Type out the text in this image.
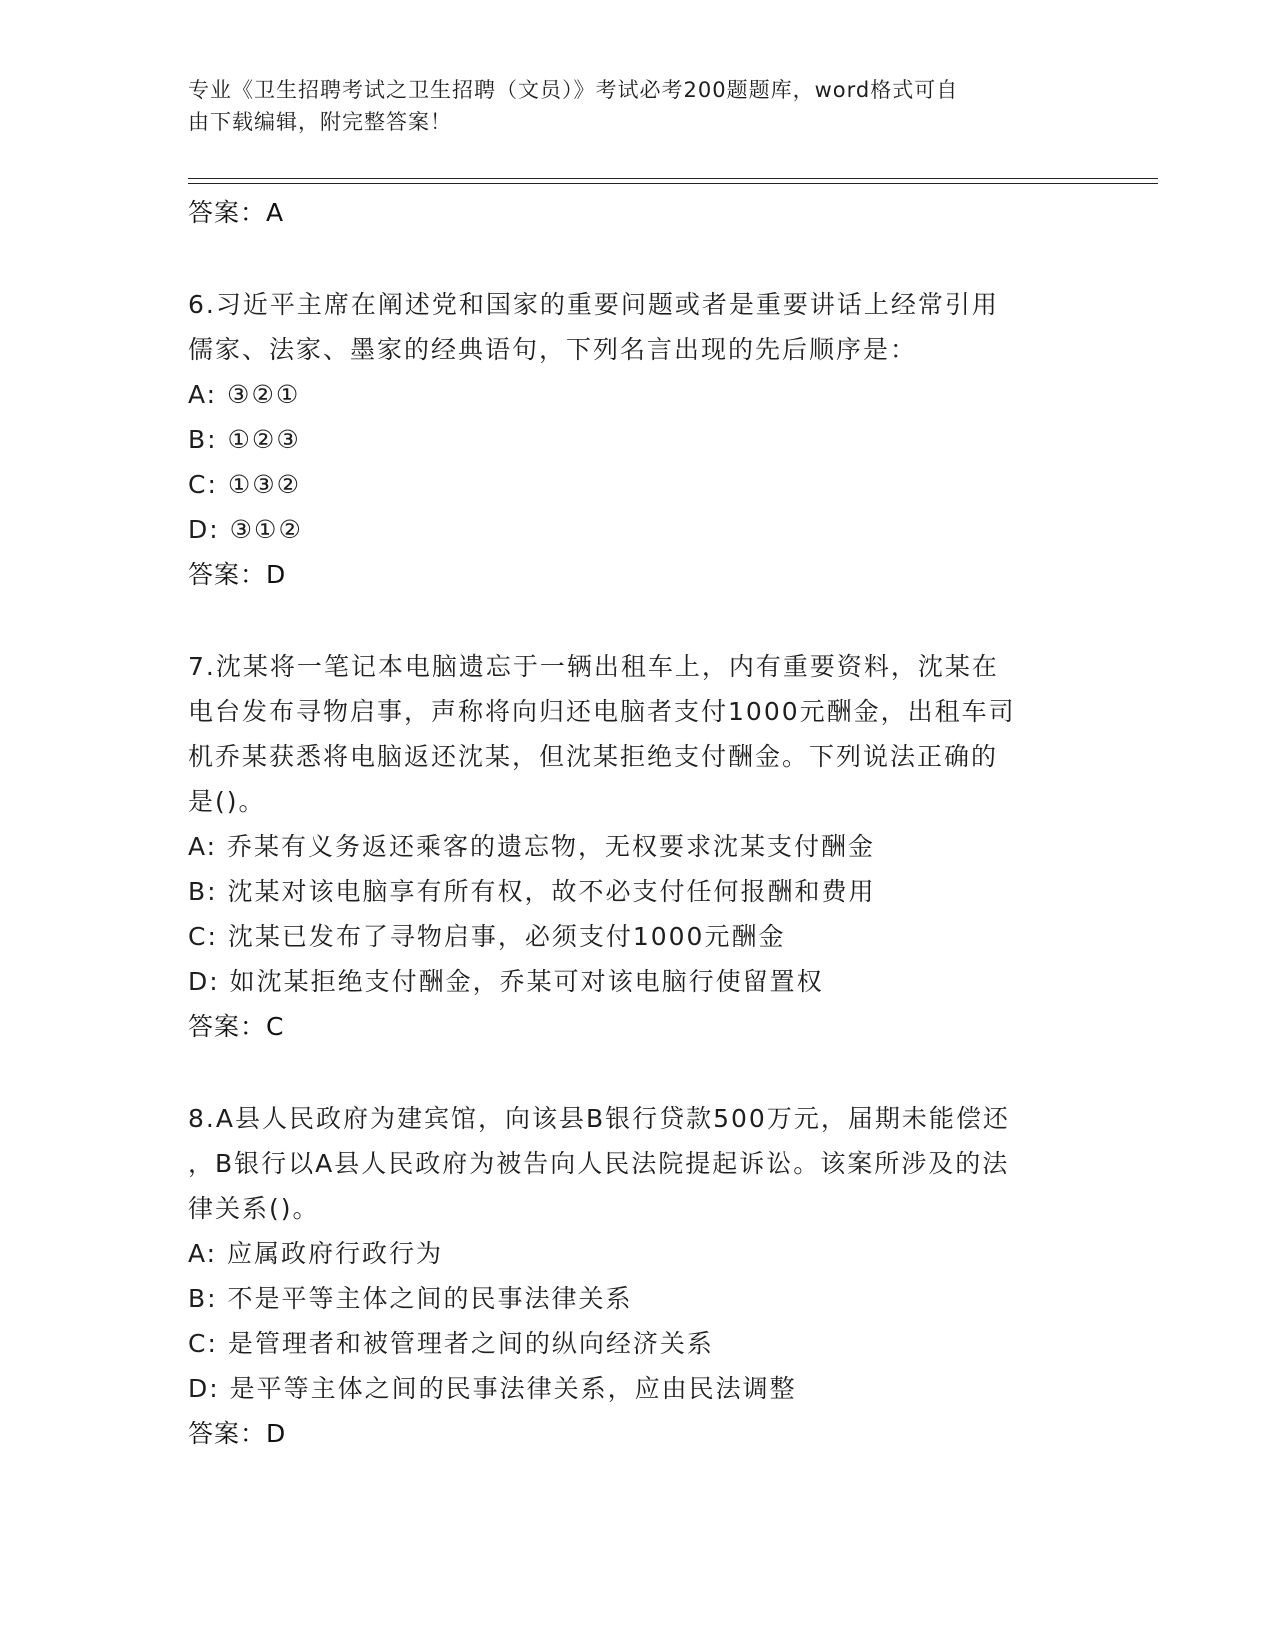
专业《卫生招聘考试之卫生招聘（文员）》考试必考200题题库，word格式可自
由下载编辑，附完整答案！
答案：A
6.习近平主席在阐述党和国家的重要问题或者是重要讲话上经常引用
儒家、法家、墨家的经典语句，下列名言出现的先后顺序是：
A: ③②①
B: ①②③
C: ①③②
D: ③①②
答案：D
7.沈某将一笔记本电脑遗忘于一辆出租车上，内有重要资料，沈某在
电台发布寻物启事，声称将向归还电脑者支付1000元酬金，出租车司
机乔某获悉将电脑返还沈某，但沈某拒绝支付酬金。下列说法正确的
是()。
A: 乔某有义务返还乘客的遗忘物，无权要求沈某支付酬金
B: 沈某对该电脑享有所有权，故不必支付任何报酬和费用
C: 沈某已发布了寻物启事，必须支付1000元酬金
D: 如沈某拒绝支付酬金，乔某可对该电脑行使留置权
答案：C
8.A县人民政府为建宾馆，向该县B银行贷款500万元，届期未能偿还
，B银行以A县人民政府为被告向人民法院提起诉讼。该案所涉及的法
律关系()。
A: 应属政府行政行为
B: 不是平等主体之间的民事法律关系
C: 是管理者和被管理者之间的纵向经济关系
D: 是平等主体之间的民事法律关系，应由民法调整
答案：D
